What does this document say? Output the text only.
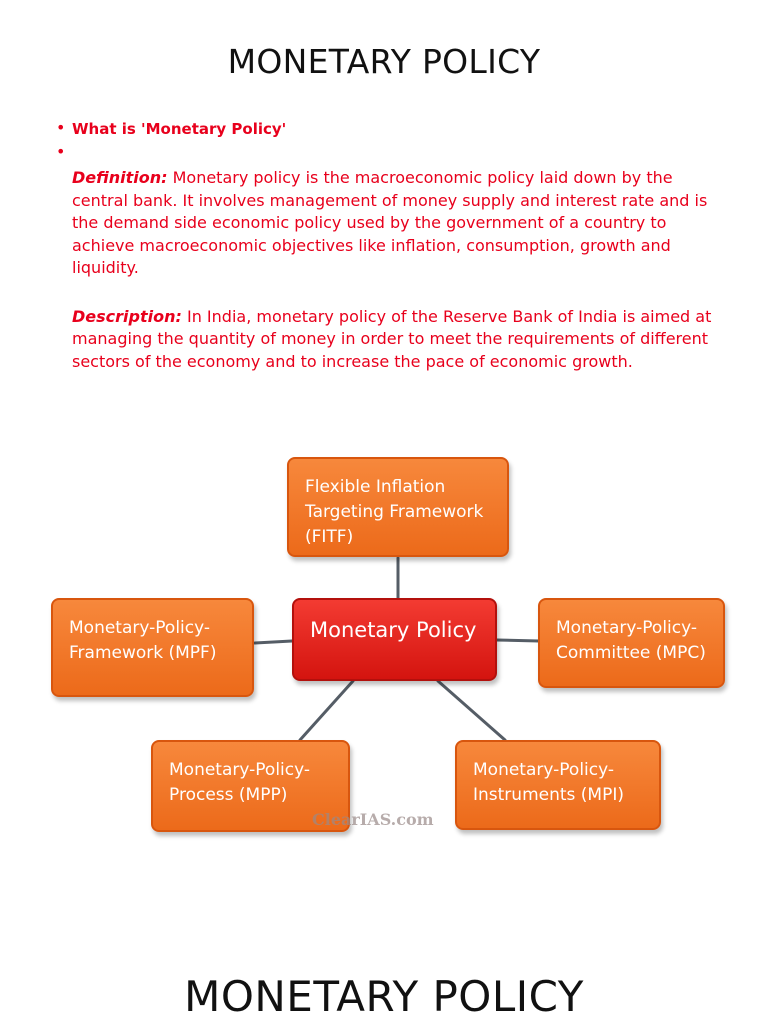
MONETARY POLICY
• What is 'Monetary Policy'
•
Definition: Monetary policy is the macroeconomic policy laid down by the central bank. It involves management of money supply and interest rate and is the demand side economic policy used by the government of a country to achieve macroeconomic objectives like inflation, consumption, growth and liquidity.
Description: In India, monetary policy of the Reserve Bank of India is aimed at managing the quantity of money in order to meet the requirements of different sectors of the economy and to increase the pace of economic growth.
Flexible Inflation Targeting Framework (FITF)
Monetary-Policy-Framework (MPF)
Monetary Policy	Monetary-Policy-Committee (MPC)
Monetary-Policy-Process (MPP)
Monetary-Policy-Instruments (MPI)
ClearIAS.com
MONETARY POLICY
